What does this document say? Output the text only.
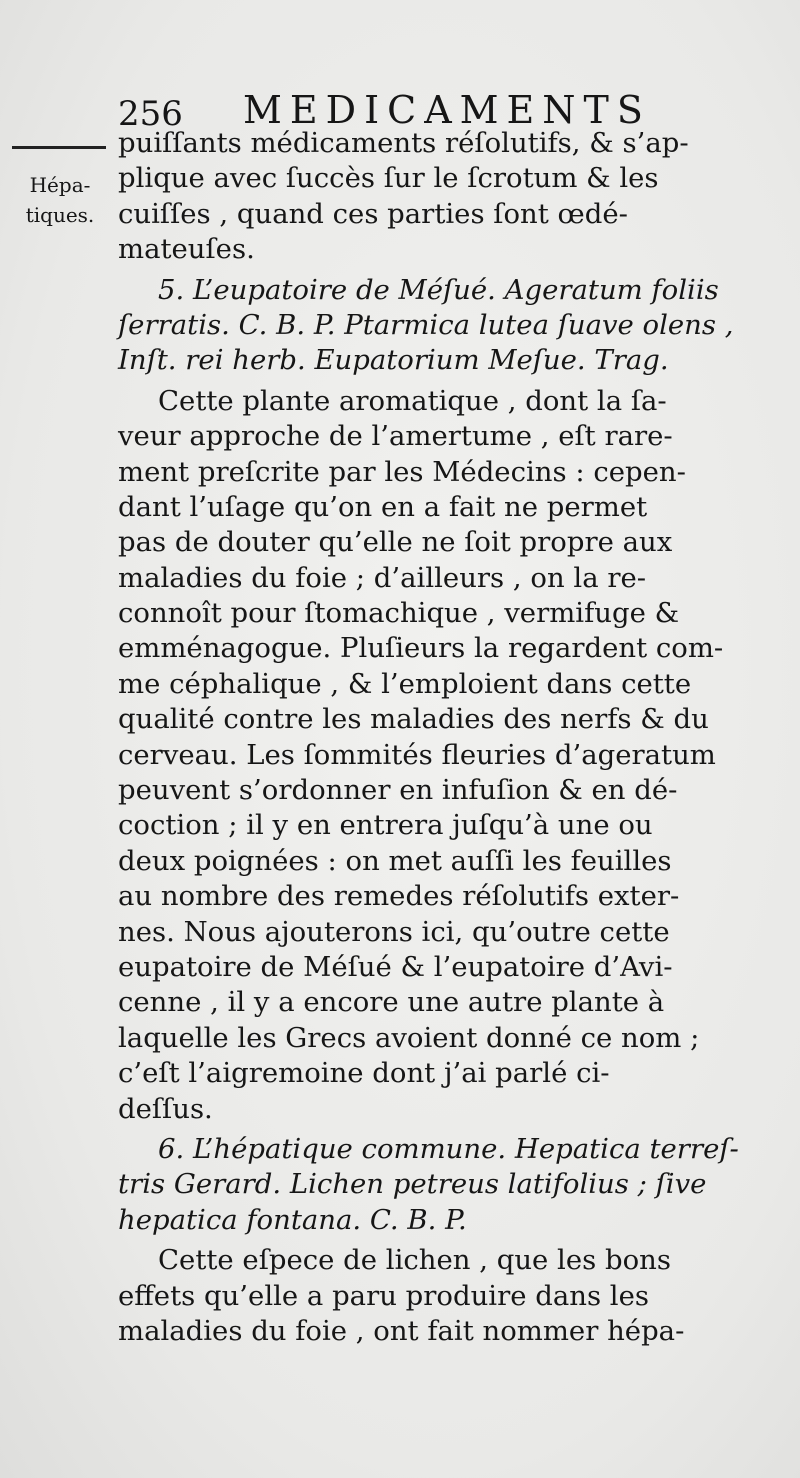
256 MEDICAMENTS
Hépa-
tiques.
puiſſants médicaments réſolutifs, & s’ap-
plique avec ſuccès ſur le ſcrotum & les
cuiſſes , quand ces parties ſont œdé-
mateuſes.
5. L’eupatoire de Méſué. Ageratum foliis
ſerratis. C. B. P. Ptarmica lutea ſuave olens ,
Inſt. rei herb. Eupatorium Meſue. Trag.
Cette plante aromatique , dont la ſa-
veur approche de l’amertume , eſt rare-
ment preſcrite par les Médecins : cepen-
dant l’uſage qu’on en a fait ne permet
pas de douter qu’elle ne ſoit propre aux
maladies du foie ; d’ailleurs , on la re-
connoît pour ſtomachique , vermifuge &
emménagogue. Pluſieurs la regardent com-
me céphalique , & l’emploient dans cette
qualité contre les maladies des nerfs & du
cerveau. Les ſommités fleuries d’ageratum
peuvent s’ordonner en infuſion & en dé-
coction ; il y en entrera juſqu’à une ou
deux poignées : on met auſſi les feuilles
au nombre des remedes réſolutifs exter-
nes. Nous ajouterons ici, qu’outre cette
eupatoire de Méſué & l’eupatoire d’Avi-
cenne , il y a encore une autre plante à
laquelle les Grecs avoient donné ce nom ;
c’eſt l’aigremoine dont j’ai parlé ci-
deſſus.
6. L’hépatique commune. Hepatica terreſ-
tris Gerard. Lichen petreus latifolius ; ſive
hepatica fontana. C. B. P.
Cette eſpece de lichen , que les bons
effets qu’elle a paru produire dans les
maladies du foie , ont fait nommer hépa-
